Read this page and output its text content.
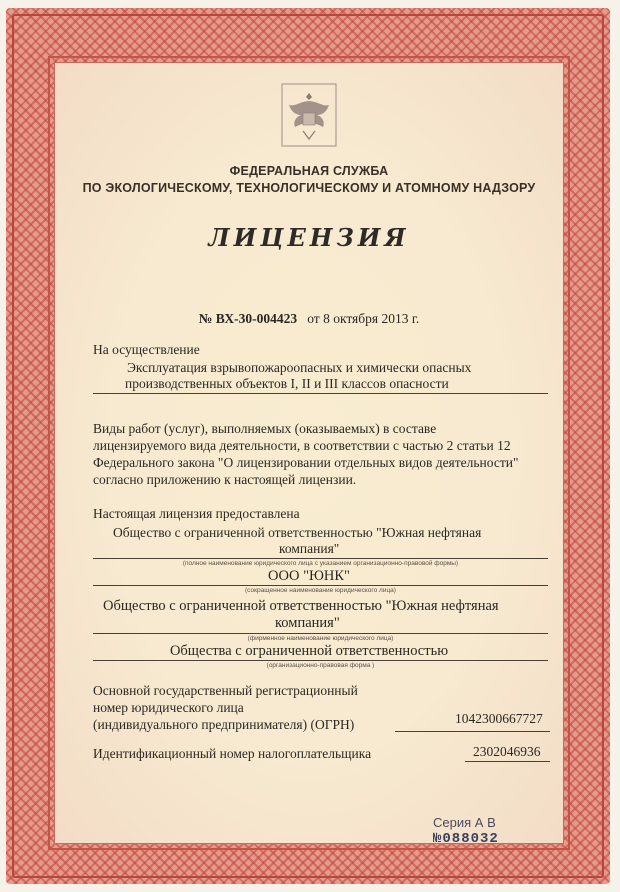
ФЕДЕРАЛЬНАЯ СЛУЖБА
ПО ЭКОЛОГИЧЕСКОМУ, ТЕХНОЛОГИЧЕСКОМУ И АТОМНОМУ НАДЗОРУ
ЛИЦЕНЗИЯ
№ ВХ-30-004423 от 8 октября 2013 г.
На осуществление
Эксплуатация взрывопожароопасных и химически опасных
производственных объектов I, II и III классов опасности
Виды работ (услуг), выполняемых (оказываемых) в составе
лицензируемого вида деятельности, в соответствии с частью 2 статьи 12
Федерального закона "О лицензировании отдельных видов деятельности"
согласно приложению к настоящей лицензии.
Настоящая лицензия предоставлена
Общество с ограниченной ответственностью "Южная нефтяная
компания"
(полное наименование юридического лица с указанием организационно-правовой формы)
ООО "ЮНК"
(сокращенное наименование юридического лица)
Общество с ограниченной ответственностью "Южная нефтяная
компания"
(фирменное наименование юридического лица)
Общества с ограниченной ответственностью
(организационно-правовая форма )
Основной государственный регистрационный
номер юридического лица
(индивидуального предпринимателя) (ОГРН)	1042300667727
Идентификационный номер налогоплательщика	2302046936
Серия А В №088032
